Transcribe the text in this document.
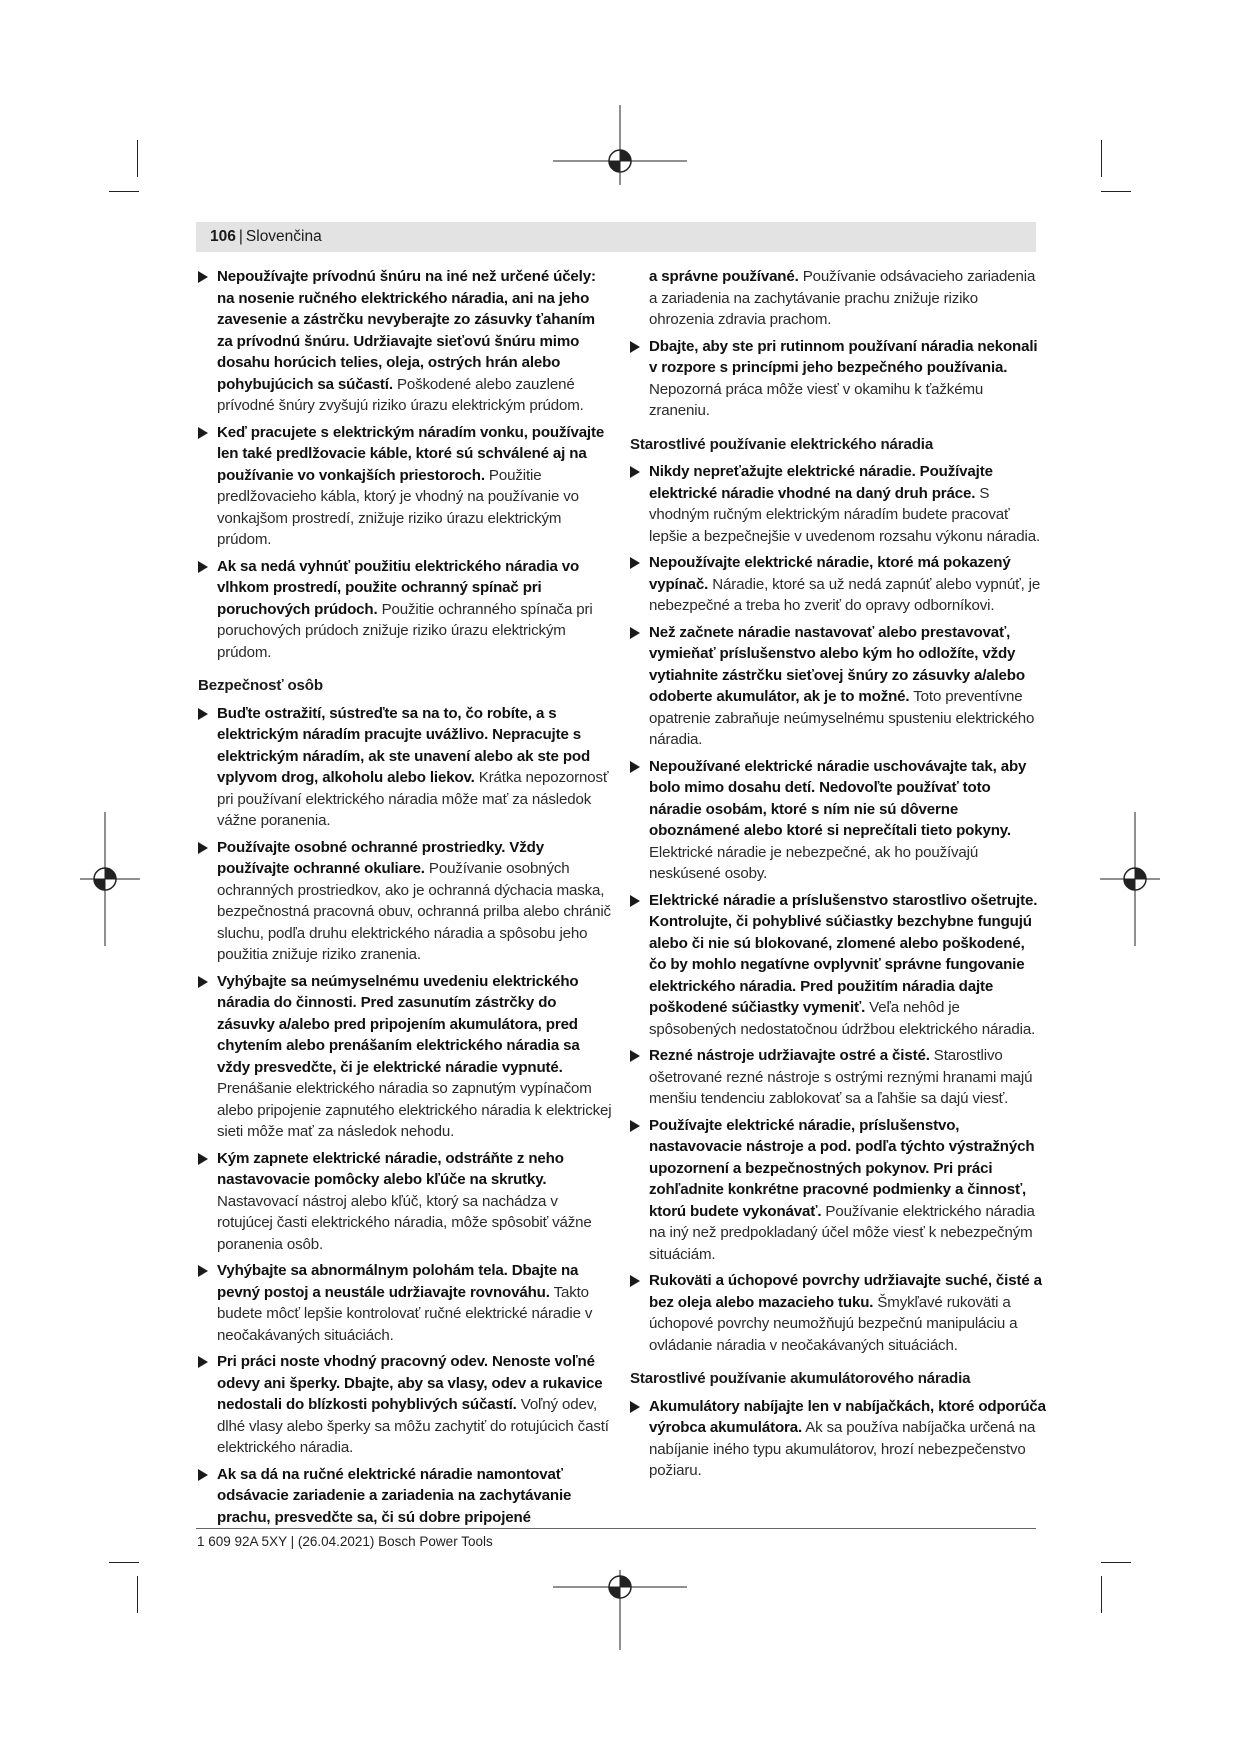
106 | Slovenčina
Nepoužívajte prívodnú šnúru na iné než určené účely: na nosenie ručného elektrického náradia, ani na jeho zavesenie a zástrčku nevyberajte zo zásuvky ťahaním za prívodnú šnúru. Udržiavajte sieťovú šnúru mimo dosahu horúcich telies, oleja, ostrých hrán alebo pohybujúcich sa súčastí. Poškodené alebo zauzlené prívodné šnúry zvyšujú riziko úrazu elektrickým prúdom.
Keď pracujete s elektrickým náradím vonku, používajte len také predlžovacie káble, ktoré sú schválené aj na používanie vo vonkajších priestoroch. Použitie predlžovacieho kábla, ktorý je vhodný na používanie vo vonkajšom prostredí, znižuje riziko úrazu elektrickým prúdom.
Ak sa nedá vyhnúť použitiu elektrického náradia vo vlhkom prostredí, použite ochranný spínač pri poruchových prúdoch. Použitie ochranného spínača pri poruchových prúdoch znižuje riziko úrazu elektrickým prúdom.
Bezpečnosť osôb
Buďte ostražití, sústreďte sa na to, čo robíte, a s elektrickým náradím pracujte uvážlivo. Nepracujte s elektrickým náradím, ak ste unavení alebo ak ste pod vplyvom drog, alkoholu alebo liekov. Krátka nepozornosť pri používaní elektrického náradia môže mať za následok vážne poranenia.
Používajte osobné ochranné prostriedky. Vždy používajte ochranné okuliare. Používanie osobných ochranných prostriedkov, ako je ochranná dýchacia maska, bezpečnostná pracovná obuv, ochranná prilba alebo chránič sluchu, podľa druhu elektrického náradia a spôsobu jeho použitia znižuje riziko zranenia.
Vyhýbajte sa neúmyselnému uvedeniu elektrického náradia do činnosti. Pred zasunutím zástrčky do zásuvky a/alebo pred pripojením akumulátora, pred chytením alebo prenášaním elektrického náradia sa vždy presvedčte, či je elektrické náradie vypnuté. Prenášanie elektrického náradia so zapnutým vypínačom alebo pripojenie zapnutého elektrického náradia k elektrickej sieti môže mať za následok nehodu.
Kým zapnete elektrické náradie, odstráňte z neho nastavovacie pomôcky alebo kľúče na skrutky. Nastavovací nástroj alebo kľúč, ktorý sa nachádza v rotujúcej časti elektrického náradia, môže spôsobiť vážne poranenia osôb.
Vyhýbajte sa abnormálnym polohám tela. Dbajte na pevný postoj a neustále udržiavajte rovnováhu. Takto budete môcť lepšie kontrolovať ručné elektrické náradie v neočakávaných situáciách.
Pri práci noste vhodný pracovný odev. Nenoste voľné odevy ani šperky. Dbajte, aby sa vlasy, odev a rukavice nedostali do blízkosti pohyblivých súčastí. Voľný odev, dlhé vlasy alebo šperky sa môžu zachytiť do rotujúcich častí elektrického náradia.
Ak sa dá na ručné elektrické náradie namontovať odsávacie zariadenie a zariadenia na zachytávanie prachu, presvedčte sa, či sú dobre pripojené
a správne používané. Používanie odsávacieho zariadenia a zariadenia na zachytávanie prachu znižuje riziko ohrozenia zdravia prachom.
Dbajte, aby ste pri rutinnom používaní náradia nekonali v rozpore s princípmi jeho bezpečného používania. Nepozorná práca môže viesť v okamihu k ťažkému zraneniu.
Starostlivé používanie elektrického náradia
Nikdy nepreťažujte elektrické náradie. Používajte elektrické náradie vhodné na daný druh práce. S vhodným ručným elektrickým náradím budete pracovať lepšie a bezpečnejšie v uvedenom rozsahu výkonu náradia.
Nepoužívajte elektrické náradie, ktoré má pokazený vypínač. Náradie, ktoré sa už nedá zapnúť alebo vypnúť, je nebezpečné a treba ho zveriť do opravy odborníkovi.
Než začnete náradie nastavovať alebo prestavovať, vymieňať príslušenstvo alebo kým ho odložíte, vždy vytiahnite zástrčku sieťovej šnúry zo zásuvky a/alebo odoberte akumulátor, ak je to možné. Toto preventívne opatrenie zabraňuje neúmyselnému spusteniu elektrického náradia.
Nepoužívané elektrické náradie uschovávajte tak, aby bolo mimo dosahu detí. Nedovoľte používať toto náradie osobám, ktoré s ním nie sú dôverne oboznámené alebo ktoré si neprečítali tieto pokyny. Elektrické náradie je nebezpečné, ak ho používajú neskúsené osoby.
Elektrické náradie a príslušenstvo starostlivo ošetrujte. Kontrolujte, či pohyblivé súčiastky bezchybne fungujú alebo či nie sú blokované, zlomené alebo poškodené, čo by mohlo negatívne ovplyvniť správne fungovanie elektrického náradia. Pred použitím náradia dajte poškodené súčiastky vymeniť. Veľa nehôd je spôsobených nedostatočnou údržbou elektrického náradia.
Rezné nástroje udržiavajte ostré a čisté. Starostlivo ošetrované rezné nástroje s ostrými reznými hranami majú menšiu tendenciu zablokovať sa a ľahšie sa dajú viesť.
Používajte elektrické náradie, príslušenstvo, nastavovacie nástroje a pod. podľa týchto výstražných upozornení a bezpečnostných pokynov. Pri práci zohľadnite konkrétne pracovné podmienky a činnosť, ktorú budete vykonávať. Používanie elektrického náradia na iný než predpokladaný účel môže viesť k nebezpečným situáciám.
Rukoväti a úchopové povrchy udržiavajte suché, čisté a bez oleja alebo mazacieho tuku. Šmykľavé rukoväti a úchopové povrchy neumožňujú bezpečnú manipuláciu a ovládanie náradia v neočakávaných situáciách.
Starostlivé používanie akumulátorového náradia
Akumulátory nabíjajte len v nabíjačkách, ktoré odporúča výrobca akumulátora. Ak sa používa nabíjačka určená na nabíjanie iného typu akumulátorov, hrozí nebezpečenstvo požiaru.
1 609 92A 5XY | (26.04.2021) Bosch Power Tools
